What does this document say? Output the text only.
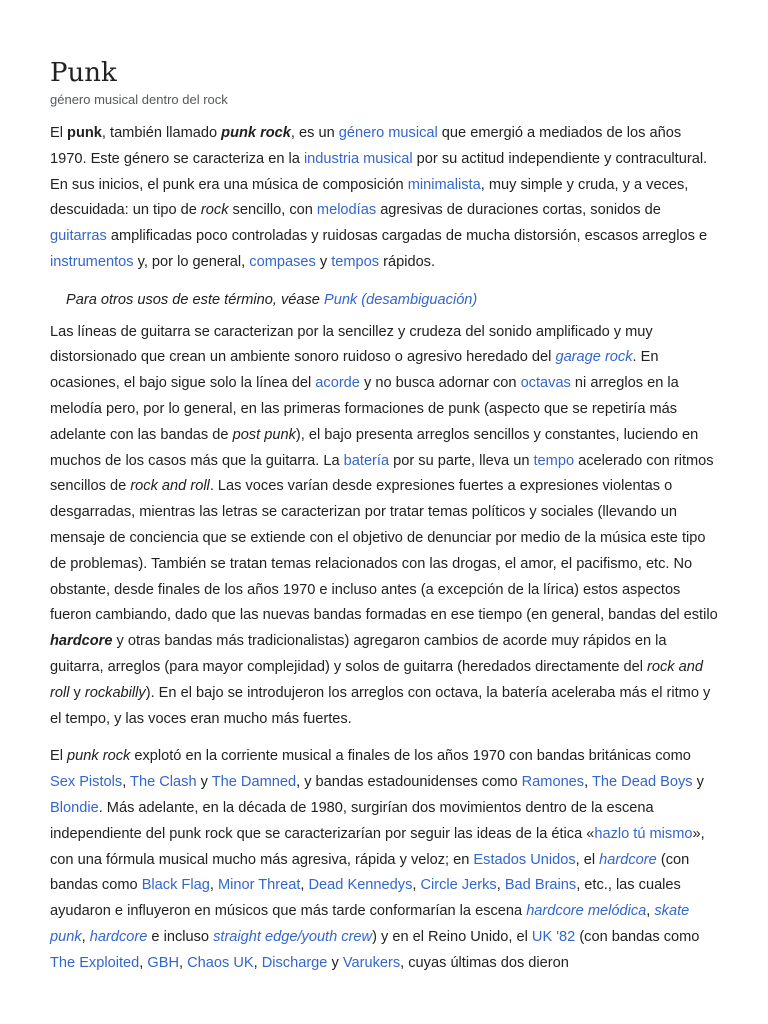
Punk
género musical dentro del rock

El punk, también llamado punk rock, es un género musical que emergió a mediados de los años 1970. Este género se caracteriza en la industria musical por su actitud independiente y contracultural. En sus inicios, el punk era una música de composición minimalista, muy simple y cruda, y a veces, descuidada: un tipo de rock sencillo, con melodías agresivas de duraciones cortas, sonidos de guitarras amplificadas poco controladas y ruidosas cargadas de mucha distorsión, escasos arreglos e instrumentos y, por lo general, compases y tempos rápidos.

Para otros usos de este término, véase Punk (desambiguación)

Las líneas de guitarra se caracterizan por la sencillez y crudeza del sonido amplificado y muy distorsionado que crean un ambiente sonoro ruidoso o agresivo heredado del garage rock. En ocasiones, el bajo sigue solo la línea del acorde y no busca adornar con octavas ni arreglos en la melodía pero, por lo general, en las primeras formaciones de punk (aspecto que se repetiría más adelante con las bandas de post punk), el bajo presenta arreglos sencillos y constantes, luciendo en muchos de los casos más que la guitarra. La batería por su parte, lleva un tempo acelerado con ritmos sencillos de rock and roll. Las voces varían desde expresiones fuertes a expresiones violentas o desgarradas, mientras las letras se caracterizan por tratar temas políticos y sociales (llevando un mensaje de conciencia que se extiende con el objetivo de denunciar por medio de la música este tipo de problemas). También se tratan temas relacionados con las drogas, el amor, el pacifismo, etc. No obstante, desde finales de los años 1970 e incluso antes (a excepción de la lírica) estos aspectos fueron cambiando, dado que las nuevas bandas formadas en ese tiempo (en general, bandas del estilo hardcore y otras bandas más tradicionalistas) agregaron cambios de acorde muy rápidos en la guitarra, arreglos (para mayor complejidad) y solos de guitarra (heredados directamente del rock and roll y rockabilly). En el bajo se introdujeron los arreglos con octava, la batería aceleraba más el ritmo y el tempo, y las voces eran mucho más fuertes.

El punk rock explotó en la corriente musical a finales de los años 1970 con bandas británicas como Sex Pistols, The Clash y The Damned, y bandas estadounidenses como Ramones, The Dead Boys y Blondie. Más adelante, en la década de 1980, surgirían dos movimientos dentro de la escena independiente del punk rock que se caracterizarían por seguir las ideas de la ética «hazlo tú mismo», con una fórmula musical mucho más agresiva, rápida y veloz; en Estados Unidos, el hardcore (con bandas como Black Flag, Minor Threat, Dead Kennedys, Circle Jerks, Bad Brains, etc., las cuales ayudaron e influyeron en músicos que más tarde conformarían la escena hardcore melódica, skate punk, hardcore e incluso straight edge/youth crew) y en el Reino Unido, el UK '82 (con bandas como The Exploited, GBH, Chaos UK, Discharge y Varukers, cuyas últimas dos dieron
